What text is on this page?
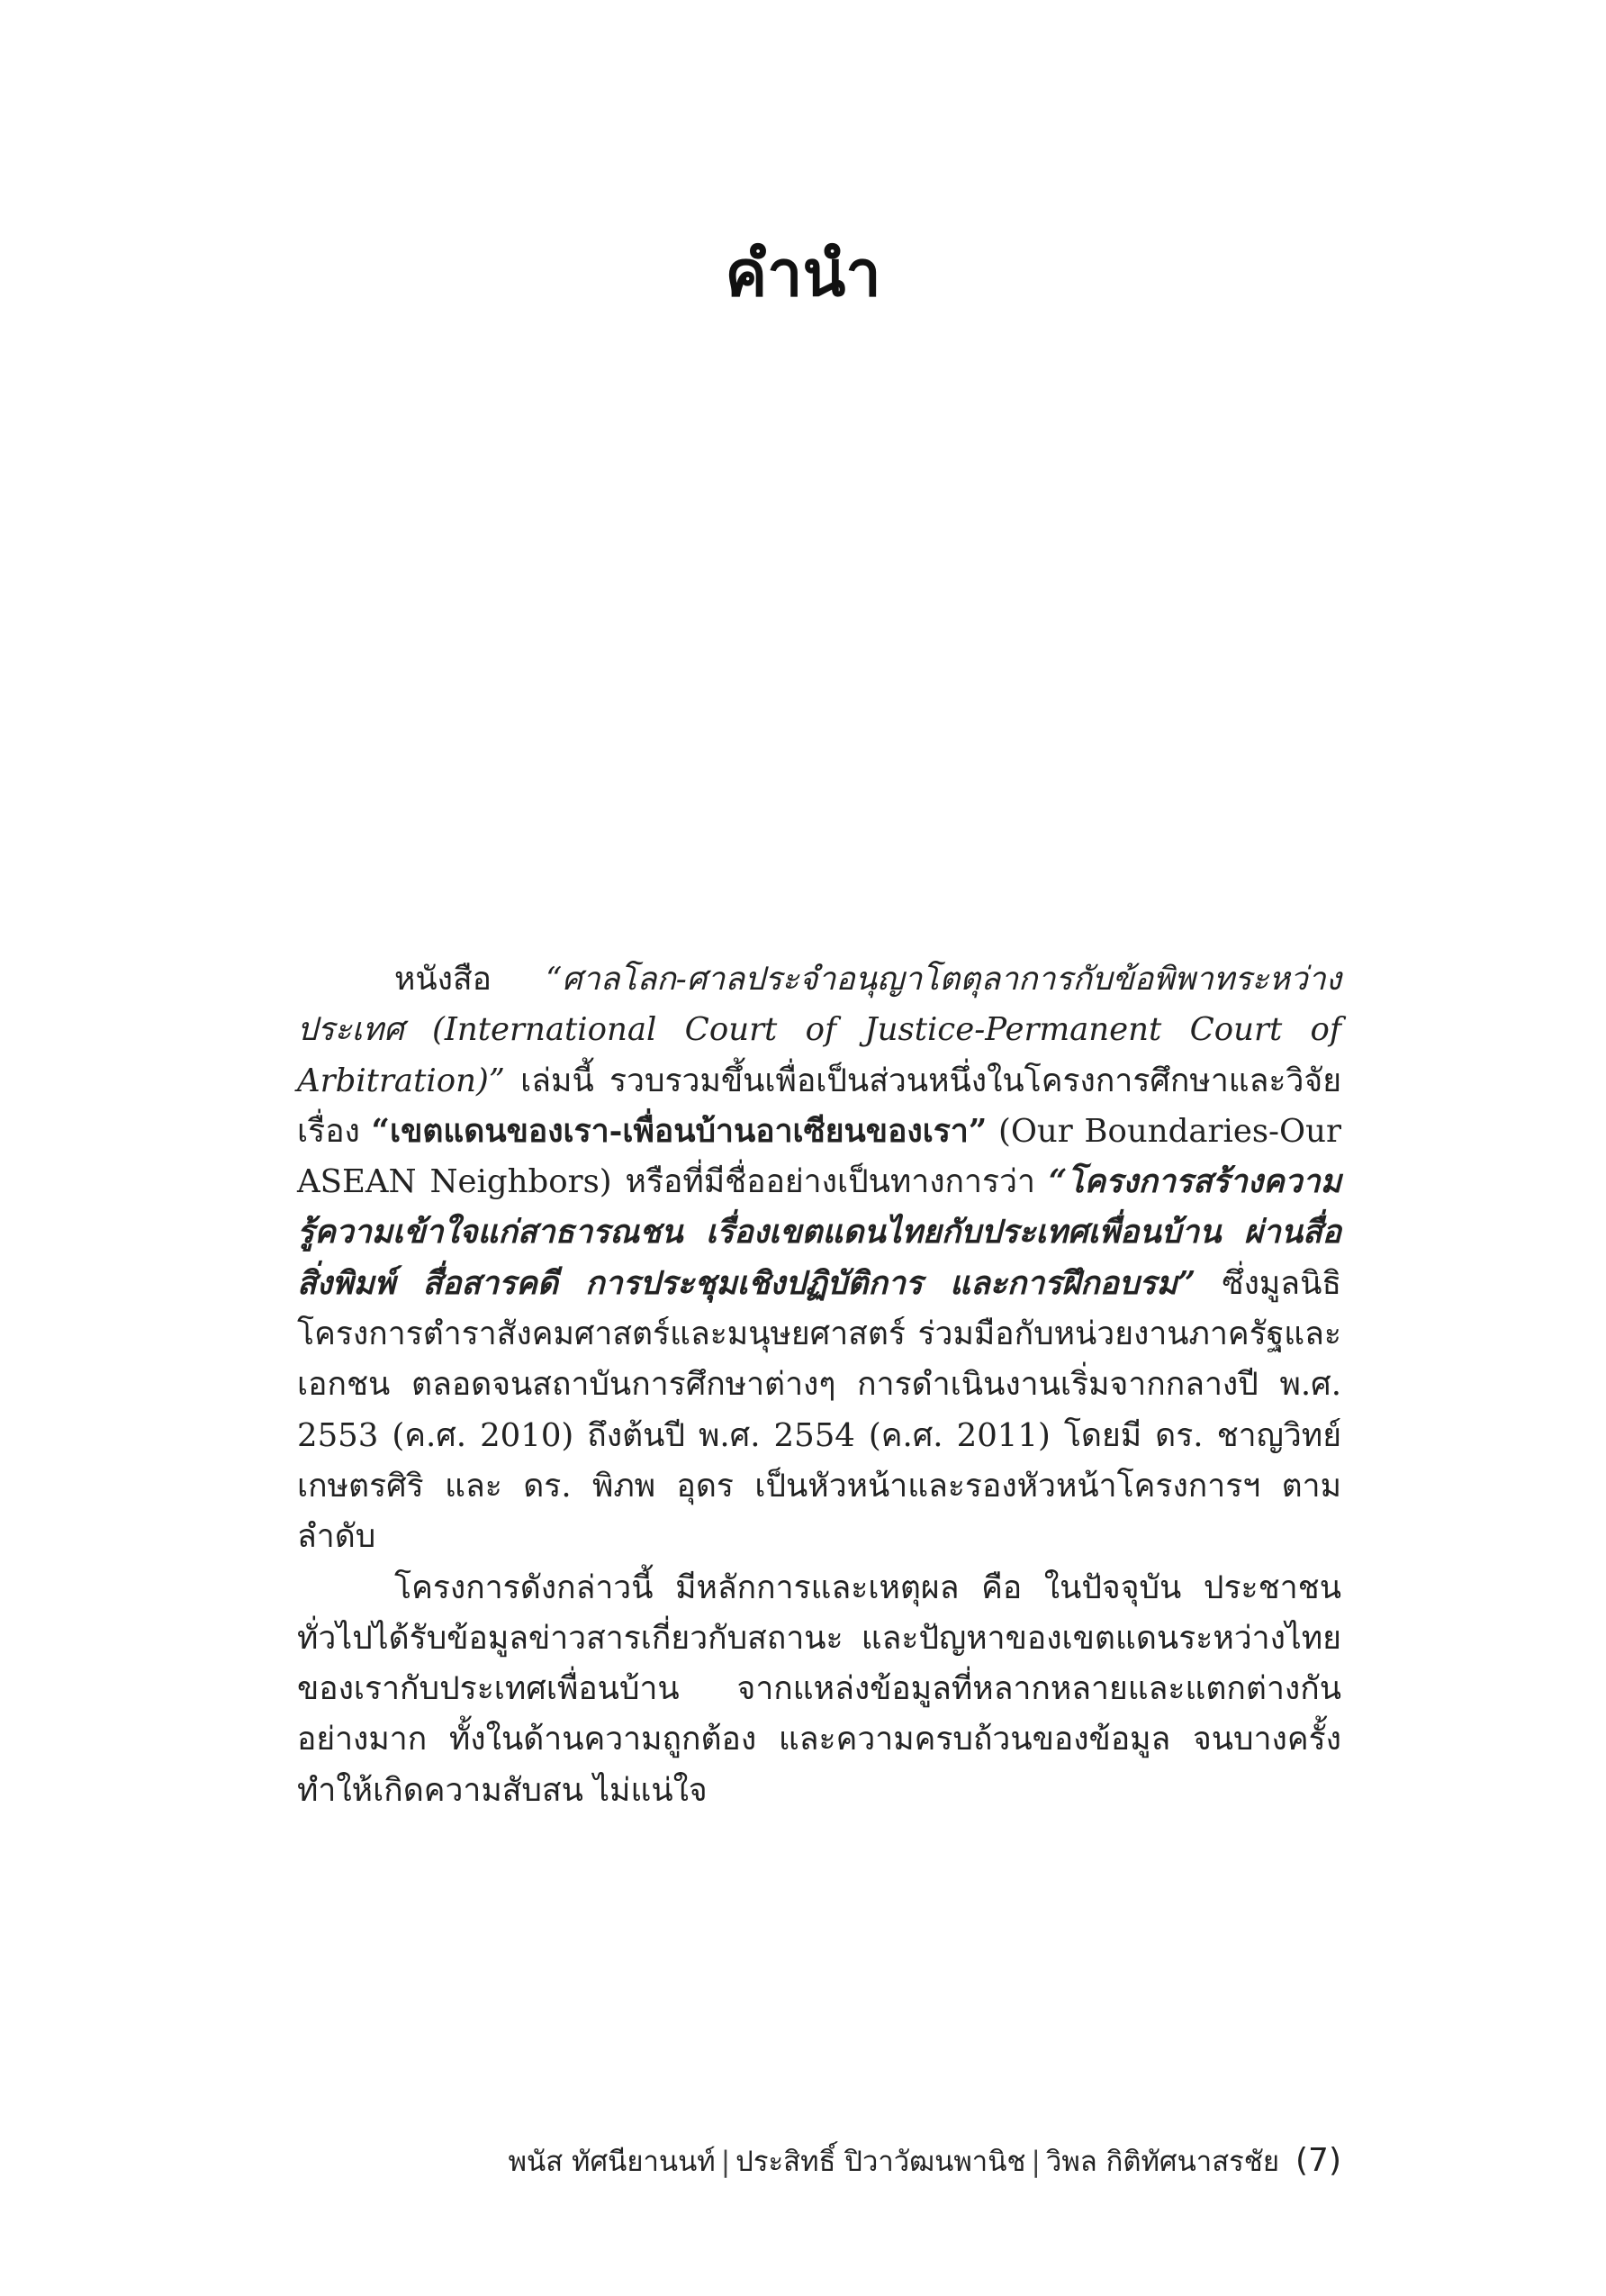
คำนำ

หนังสือ “ศาลโลก-ศาลประจำอนุญาโตตุลาการกับข้อพิพาทระหว่างประเทศ (International Court of Justice-Permanent Court of Arbitration)” เล่มนี้ รวบรวมขึ้นเพื่อเป็นส่วนหนึ่งในโครงการศึกษาและวิจัยเรื่อง “เขตแดนของเรา-เพื่อนบ้านอาเซียนของเรา” (Our Boundaries-Our ASEAN Neighbors) หรือที่มีชื่ออย่างเป็นทางการว่า “โครงการสร้างความรู้ความเข้าใจแก่สาธารณชน เรื่องเขตแดนไทยกับประเทศเพื่อนบ้าน ผ่านสื่อสิ่งพิมพ์ สื่อสารคดี การประชุมเชิงปฏิบัติการ และการฝึกอบรม” ซึ่งมูลนิธิโครงการตำราสังคมศาสตร์และมนุษยศาสตร์ ร่วมมือกับหน่วยงานภาครัฐและเอกชน ตลอดจนสถาบันการศึกษาต่างๆ การดำเนินงานเริ่มจากกลางปี พ.ศ. 2553 (ค.ศ. 2010) ถึงต้นปี พ.ศ. 2554 (ค.ศ. 2011) โดยมี ดร. ชาญวิทย์ เกษตรศิริ และ ดร. พิภพ อุดร เป็นหัวหน้าและรองหัวหน้าโครงการฯ ตามลำดับ

โครงการดังกล่าวนี้ มีหลักการและเหตุผล คือ ในปัจจุบัน ประชาชนทั่วไปได้รับข้อมูลข่าวสารเกี่ยวกับสถานะ และปัญหาของเขตแดนระหว่างไทยของเรากับประเทศเพื่อนบ้าน จากแหล่งข้อมูลที่หลากหลายและแตกต่างกันอย่างมาก ทั้งในด้านความถูกต้อง และความครบถ้วนของข้อมูล จนบางครั้งทำให้เกิดความสับสน ไม่แน่ใจ

พนัส ทัศนียานนท์ | ประสิทธิ์ ปิวาวัฒนพานิช | วิพล กิติทัศนาสรชัย (7)
